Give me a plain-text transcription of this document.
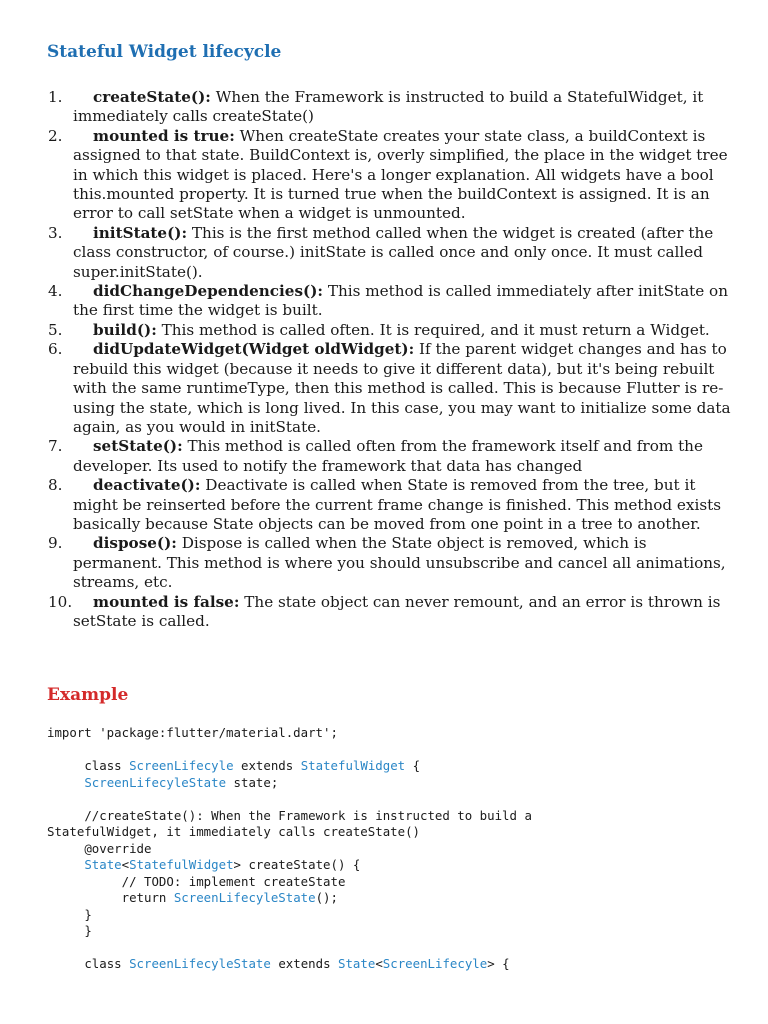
Stateful Widget lifecycle
1.	createState(): When the Framework is instructed to build a StatefulWidget, it immediately calls createState()
2.	mounted is true: When createState creates your state class, a buildContext is assigned to that state. BuildContext is, overly simplified, the place in the widget tree in which this widget is placed. Here's a longer explanation. All widgets have a bool this.mounted property. It is turned true when the buildContext is assigned. It is an error to call setState when a widget is unmounted.
3.	initState(): This is the first method called when the widget is created (after the class constructor, of course.) initState is called once and only once. It must called super.initState().
4.	didChangeDependencies(): This method is called immediately after initState on the first time the widget is built.
5.	build(): This method is called often. It is required, and it must return a Widget.
6.	didUpdateWidget(Widget oldWidget): If the parent widget changes and has to rebuild this widget (because it needs to give it different data), but it's being rebuilt with the same runtimeType, then this method is called. This is because Flutter is re-using the state, which is long lived. In this case, you may want to initialize some data again, as you would in initState.
7.	setState(): This method is called often from the framework itself and from the developer. Its used to notify the framework that data has changed
8.	deactivate(): Deactivate is called when State is removed from the tree, but it might be reinserted before the current frame change is finished. This method exists basically because State objects can be moved from one point in a tree to another.
9.	dispose(): Dispose is called when the State object is removed, which is permanent. This method is where you should unsubscribe and cancel all animations, streams, etc.
10. mounted is false: The state object can never remount, and an error is thrown is setState is called.
Example
import 'package:flutter/material.dart';

class ScreenLifecyle extends StatefulWidget {
ScreenLifecyleState state;

//createState(): When the Framework is instructed to build a
StatefulWidget, it immediately calls createState()
@override
State<StatefulWidget> createState() {
// TODO: implement createState
return ScreenLifecyleState();
}
}

class ScreenLifecyleState extends State<ScreenLifecyle> {
